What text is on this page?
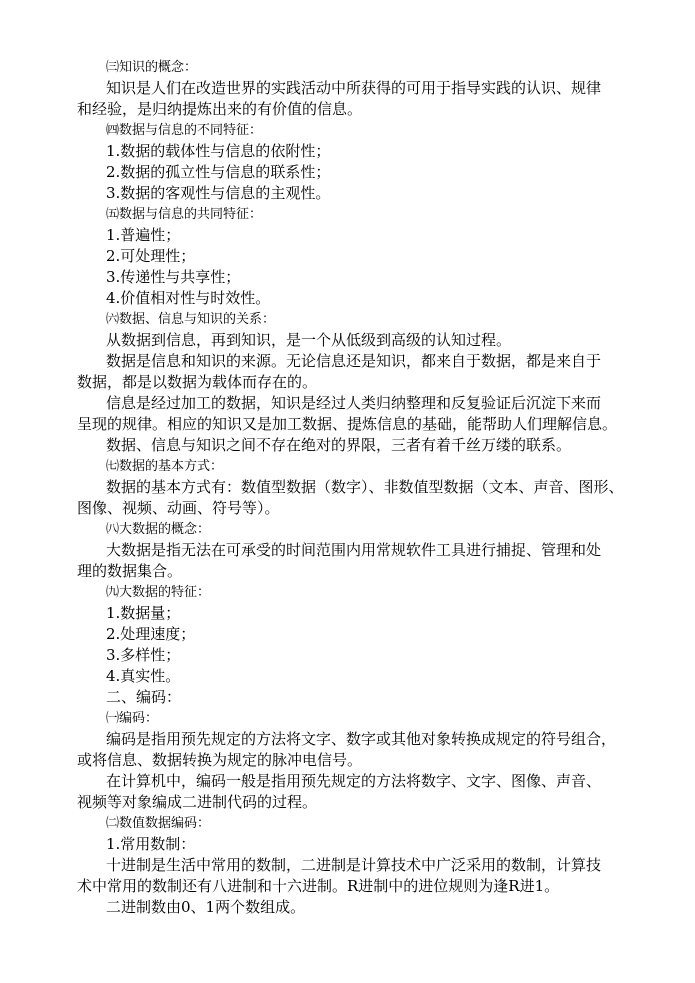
㈢知识的概念：
知识是人们在改造世界的实践活动中所获得的可用于指导实践的认识、规律
和经验，是归纳提炼出来的有价值的信息。
㈣数据与信息的不同特征：
1.数据的载体性与信息的依附性；
2.数据的孤立性与信息的联系性；
3.数据的客观性与信息的主观性。
㈤数据与信息的共同特征：
1.普遍性；
2.可处理性；
3.传递性与共享性；
4.价值相对性与时效性。
㈥数据、信息与知识的关系：
从数据到信息，再到知识，是一个从低级到高级的认知过程。
数据是信息和知识的来源。无论信息还是知识，都来自于数据，都是来自于
数据，都是以数据为载体而存在的。
信息是经过加工的数据，知识是经过人类归纳整理和反复验证后沉淀下来而
呈现的规律。相应的知识又是加工数据、提炼信息的基础，能帮助人们理解信息。
数据、信息与知识之间不存在绝对的界限，三者有着千丝万缕的联系。
㈦数据的基本方式：
数据的基本方式有：数值型数据（数字）、非数值型数据（文本、声音、图形、
图像、视频、动画、符号等）。
㈧大数据的概念：
大数据是指无法在可承受的时间范围内用常规软件工具进行捕捉、管理和处
理的数据集合。
㈨大数据的特征：
1.数据量；
2.处理速度；
3.多样性；
4.真实性。
二、编码：
㈠编码：
编码是指用预先规定的方法将文字、数字或其他对象转换成规定的符号组合，
或将信息、数据转换为规定的脉冲电信号。
在计算机中，编码一般是指用预先规定的方法将数字、文字、图像、声音、
视频等对象编成二进制代码的过程。
㈡数值数据编码：
1.常用数制：
十进制是生活中常用的数制，二进制是计算技术中广泛采用的数制，计算技
术中常用的数制还有八进制和十六进制。R进制中的进位规则为逢R进1。
二进制数由0、1两个数组成。
